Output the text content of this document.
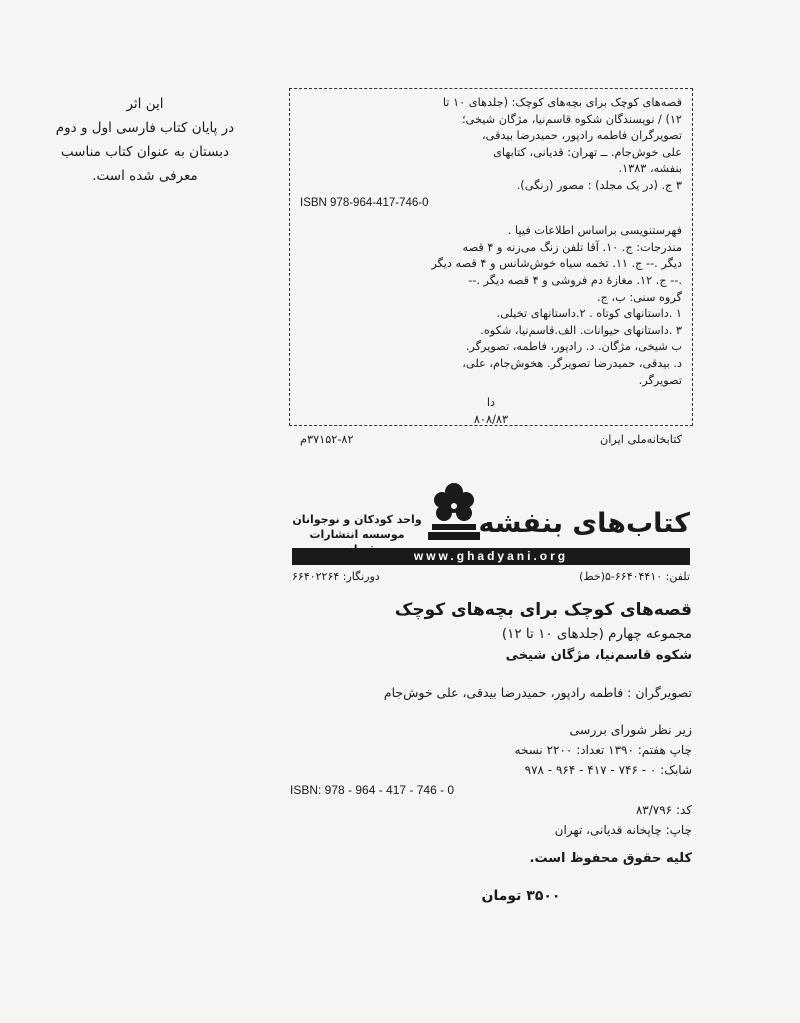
این اثر
در پایان کتاب فارسی اول و دوم
دبستان به عنوان کتاب مناسب
معرفی شده است.
قصه‌های کوچک برای بچه‌های کوچک: (جلدهای ۱۰ تا
۱۲) / نویسندگان شکوه قاسم‌نیا، مژگان شیخی؛
تصویرگران فاطمه رادپور، حمیدرضا بیدقی،
علی خوش‌جام. ــ تهران: قدیانی، کتابهای
بنفشه، ۱۳۸۳.
۳ ج. (در یک مجلد) : مصور (رنگی).
ISBN 978-964-417-746-0
فهرستنویسی براساس اطلاعات فیپا .
مندرجات: ج. ۱۰. آقا تلفن زنگ می‌زنه و ۴ قصه
دیگر .-- ج. ۱۱. تخمه سیاه خوش‌شانس و ۴ قصه دیگر
.-- ج. ۱۲. مغازهٔ دم فروشی و ۴ قصه دیگر .--
گروه سنی: ب، ج.
۱ .داستانهای کوتاه . ۲.داستانهای تخیلی.
۳ .داستانهای حیوانات. الف.قاسم‌نیا، شکوه.
ب شیخی، مژگان. د. رادپور، فاطمه، تصویرگر.
د. بیدقی، حمیدرضا تصویرگر. هخوش‌جام، علی،
تصویرگر.
دا
۸۰۸/۸۳
کتابخانه‌ملی ایران
۳۷۱۵۲-۸۲م
کتاب‌های بنفشه
واحد کودکان و نوجوانان
موسسه انتشارات
www.ghadyani.org
تلفن: ۶۶۴۰۴۴۱۰-۵(خط)
دورنگار: ۶۶۴۰۲۲۶۴
قصه‌های کوچک برای بچه‌های کوچک
مجموعه چهارم (جلدهای ۱۰ تا ۱۲)
شکوه قاسم‌نیا، مژگان شیخی
تصویرگران : فاطمه رادپور، حمیدرضا بیدقی، علی خوش‌جام
زیر نظر شورای بررسی
چاپ هفتم: ۱۳۹۰ تعداد: ۲۲۰۰ نسخه
شابک: ۰ - ۷۴۶ - ۴۱۷ - ۹۶۴ - ۹۷۸
ISBN: 978 - 964 - 417 - 746 - 0
کد: ۸۳/۷۹۶
چاپ: چاپخانه قدیانی، تهران
کلیه حقوق محفوظ است.
۳۵۰۰ تومان
